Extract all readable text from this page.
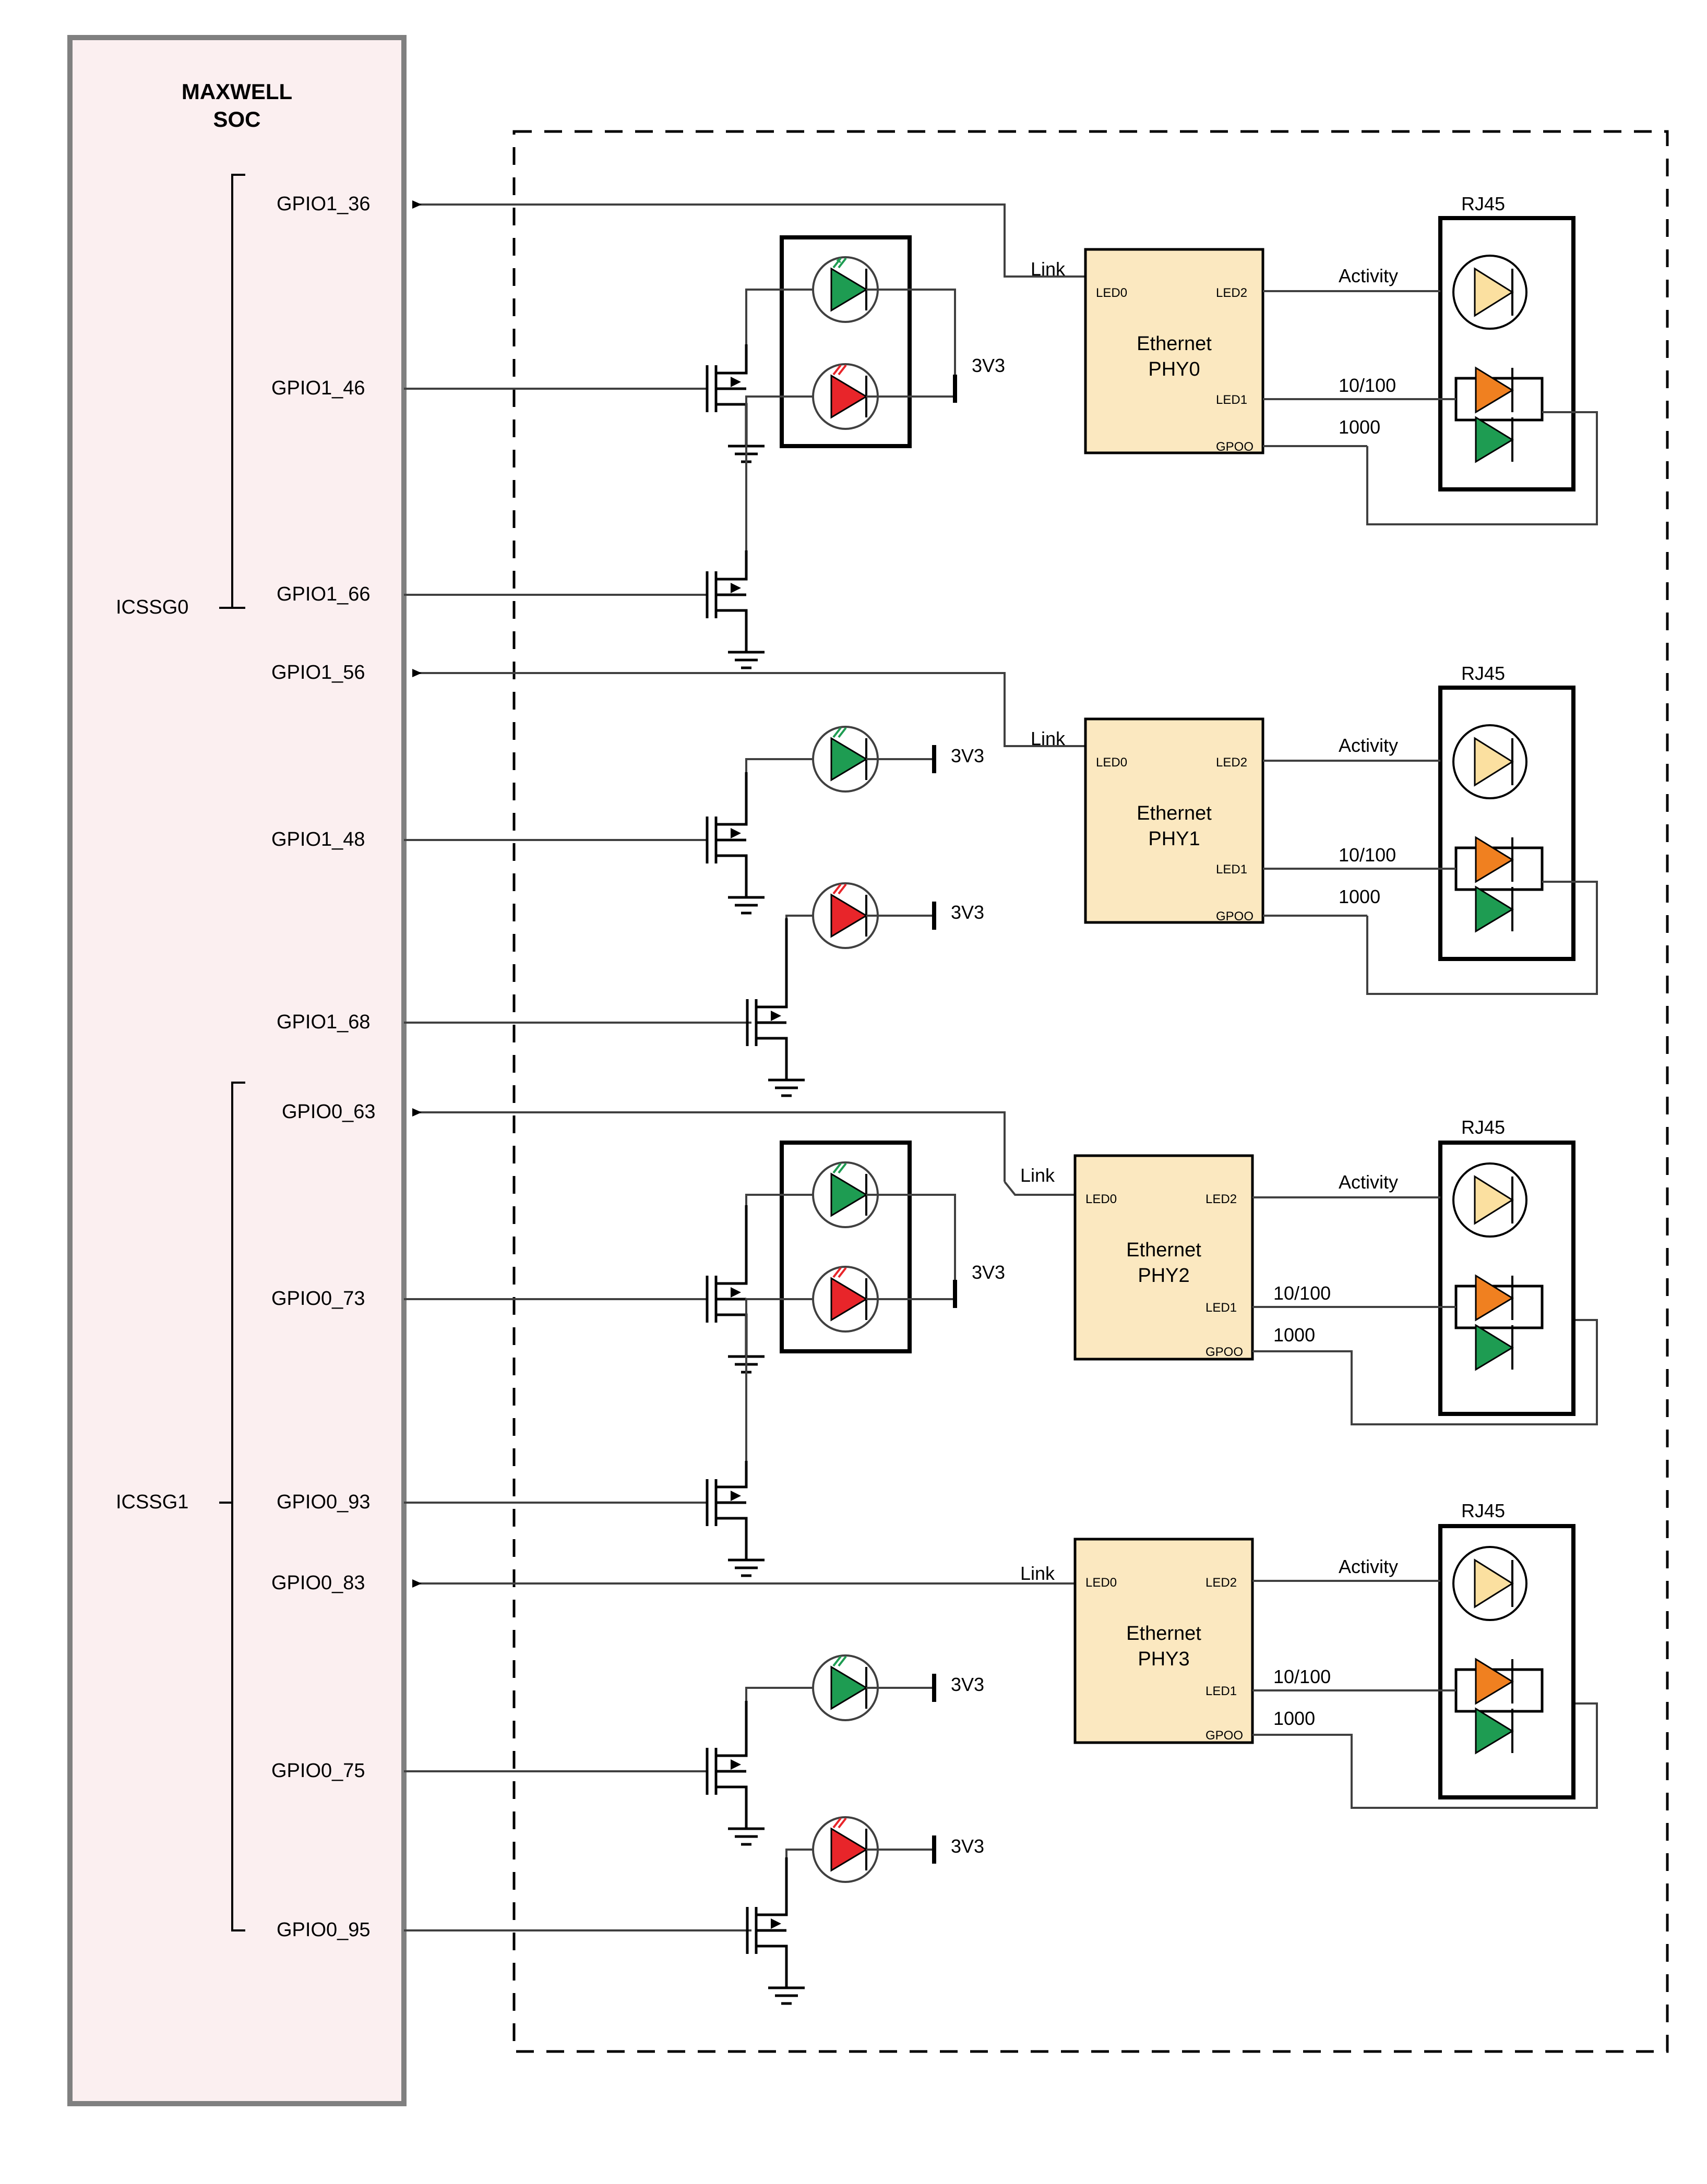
MAXWELL
SOC
ICSSG0
ICSSG1
GPIO1_36
GPIO1_46
GPIO1_66
GPIO1_56
GPIO1_48
GPIO1_68
GPIO0_63
GPIO0_73
GPIO0_93
GPIO0_83
GPIO0_75
GPIO0_95
Ethernet
PHY0
LED0	LED2
LED1
GPOO
Link	Activity
10/100
1000
RJ45
3V3
Ethernet
PHY1
LED0	LED2
LED1
GPOO
Link	Activity
10/100
1000
RJ45
3V3
3V3
Ethernet
PHY2
LED0	LED2
LED1
GPOO
Link	Activity
10/100
1000
RJ45
3V3
Ethernet
PHY3
LED0	LED2
LED1
GPOO
Link	Activity
10/100
1000
RJ45
3V3
3V3
